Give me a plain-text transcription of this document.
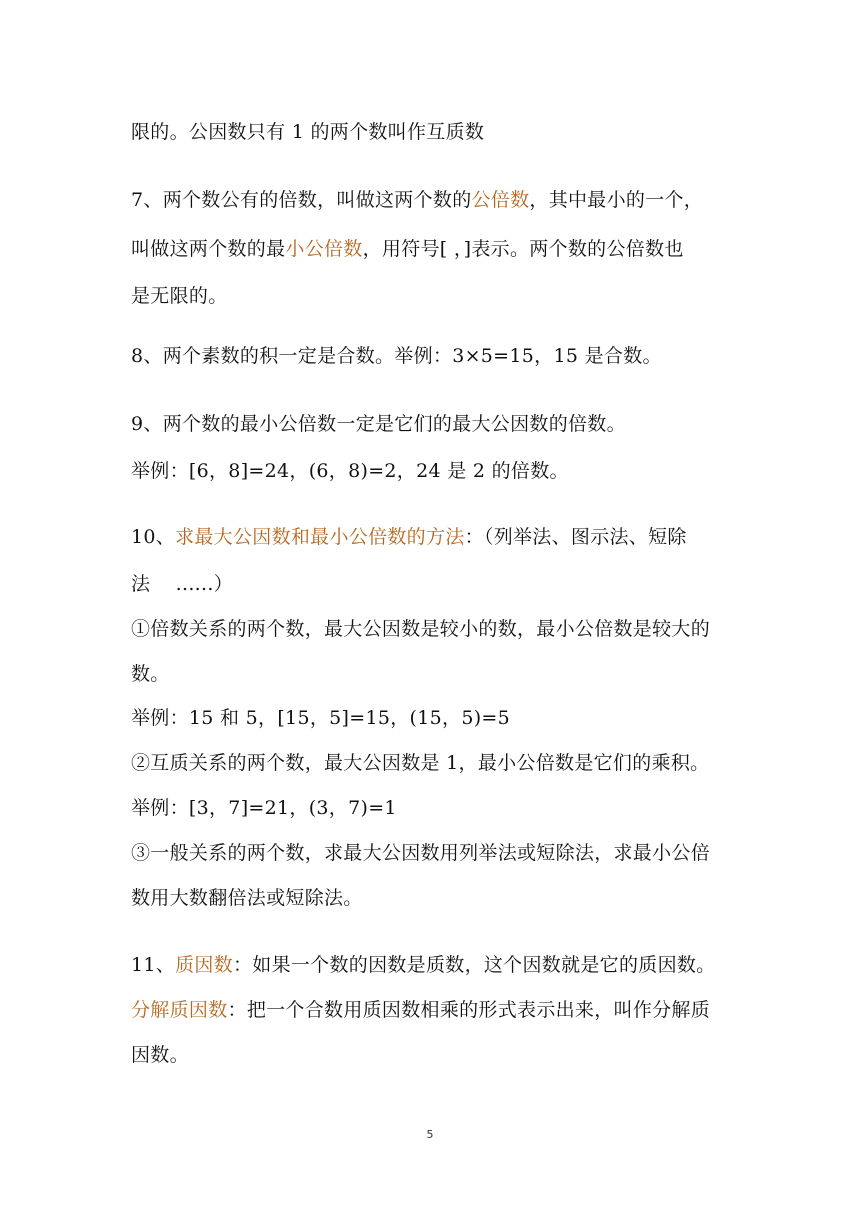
限的。公因数只有 1 的两个数叫作互质数
7、两个数公有的倍数，叫做这两个数的公倍数，其中最小的一个，
叫做这两个数的最小公倍数，用符号[ ，]表示。两个数的公倍数也
是无限的。
8、两个素数的积一定是合数。举例：3×5=15，15 是合数。
9、两个数的最小公倍数一定是它们的最大公因数的倍数。
举例：[6，8]=24，(6，8)=2，24 是 2 的倍数。
10、求最大公因数和最小公倍数的方法：（列举法、图示法、短除
法    ......）
①倍数关系的两个数，最大公因数是较小的数，最小公倍数是较大的
数。
举例：15 和 5，[15，5]=15，(15，5)=5
②互质关系的两个数，最大公因数是 1，最小公倍数是它们的乘积。
举例：[3，7]=21，(3，7)=1
③一般关系的两个数，求最大公因数用列举法或短除法，求最小公倍
数用大数翻倍法或短除法。
11、质因数：如果一个数的因数是质数，这个因数就是它的质因数。
分解质因数：把一个合数用质因数相乘的形式表示出来，叫作分解质
因数。
5
